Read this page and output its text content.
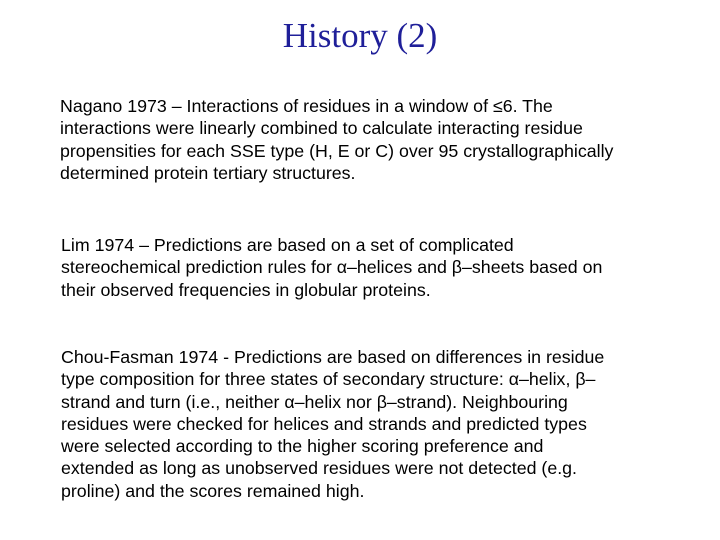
History (2)

Nagano 1973 – Interactions of residues in a window of ≤6. The
interactions were linearly combined to calculate interacting residue
propensities for each SSE type (H, E or C) over 95 crystallographically
determined protein tertiary structures.

Lim 1974 – Predictions are based on a set of complicated
stereochemical prediction rules for α–helices and β–sheets based on
their observed frequencies in globular proteins.

Chou-Fasman 1974 - Predictions are based on differences in residue
type composition for three states of secondary structure: α–helix, β–
strand and turn (i.e., neither α–helix nor β–strand). Neighbouring
residues were checked for helices and strands and predicted types
were selected according to the higher scoring preference and
extended as long as unobserved residues were not detected (e.g.
proline) and the scores remained high.
